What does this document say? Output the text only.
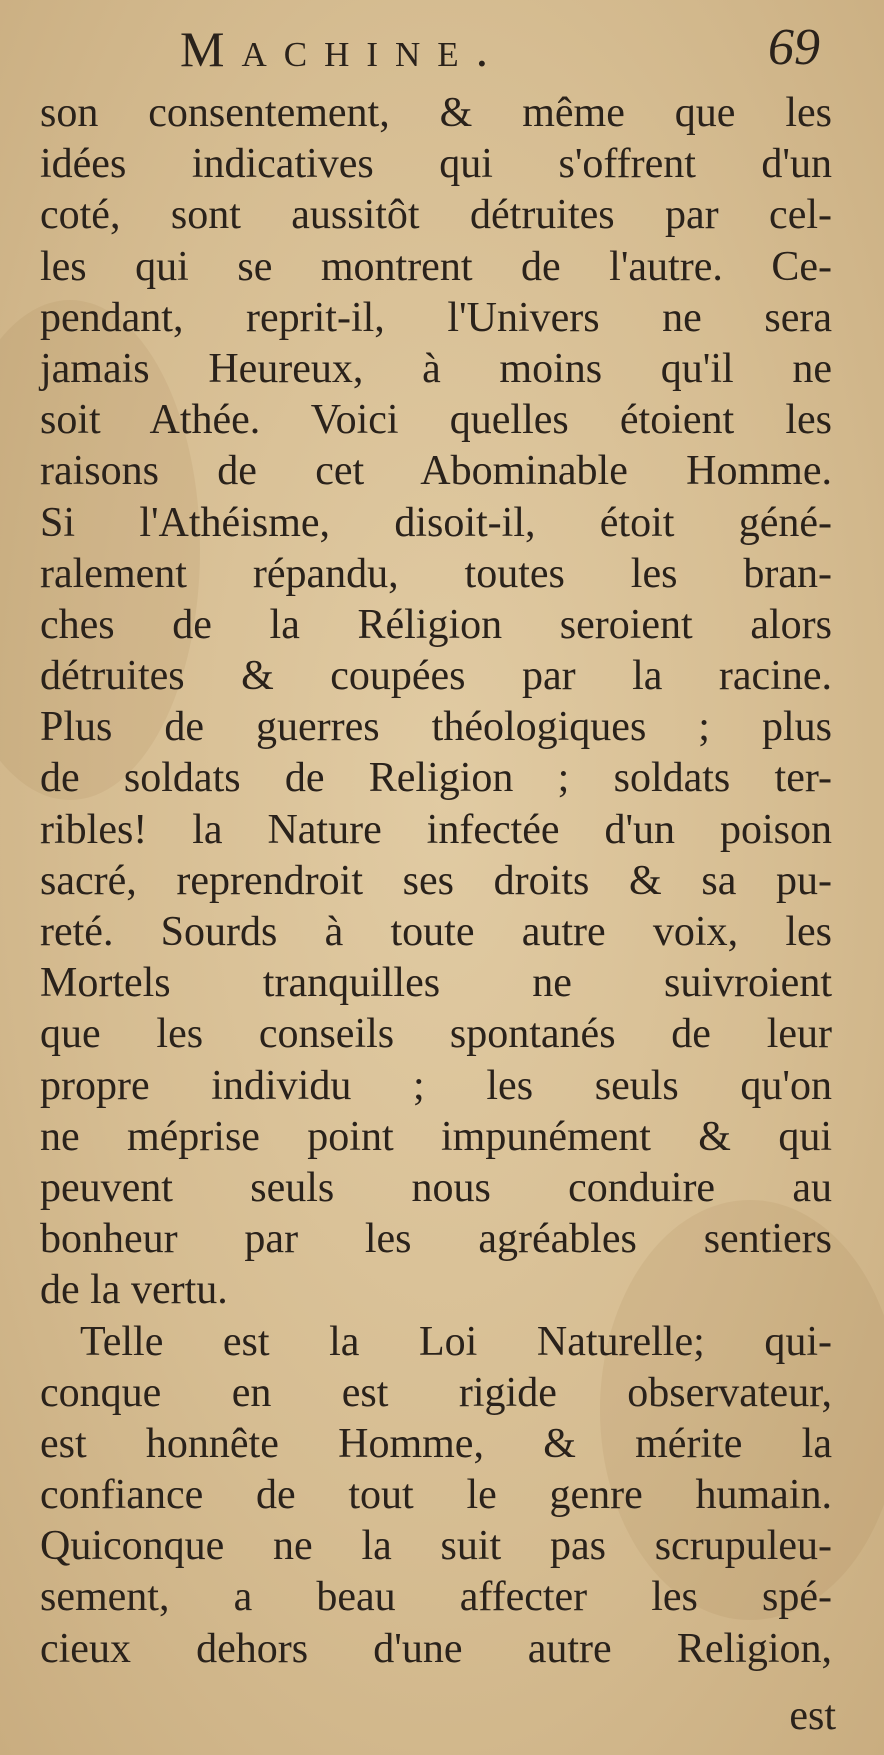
Machine.	69
son consentement, & même que les
idées indicatives qui s'offrent d'un
coté, sont aussitôt détruites par cel-
les qui se montrent de l'autre. Ce-
pendant, reprit-il, l'Univers ne sera
jamais Heureux, à moins qu'il ne
soit Athée. Voici quelles étoient les
raisons de cet Abominable Homme.
Si l'Athéisme, disoit-il, étoit géné-
ralement répandu, toutes les bran-
ches de la Réligion seroient alors
détruites & coupées par la racine.
Plus de guerres théologiques ; plus
de soldats de Religion ; soldats ter-
ribles! la Nature infectée d'un poison
sacré, reprendroit ses droits & sa pu-
reté. Sourds à toute autre voix, les
Mortels tranquilles ne suivroient
que les conseils spontanés de leur
propre individu ; les seuls qu'on
ne méprise point impunément & qui
peuvent seuls nous conduire au
bonheur par les agréables sentiers
de la vertu.
Telle est la Loi Naturelle; qui-
conque en est rigide observateur,
est honnête Homme, & mérite la
confiance de tout le genre humain.
Quiconque ne la suit pas scrupuleu-
sement, a beau affecter les spé-
cieux dehors d'une autre Religion,
est
